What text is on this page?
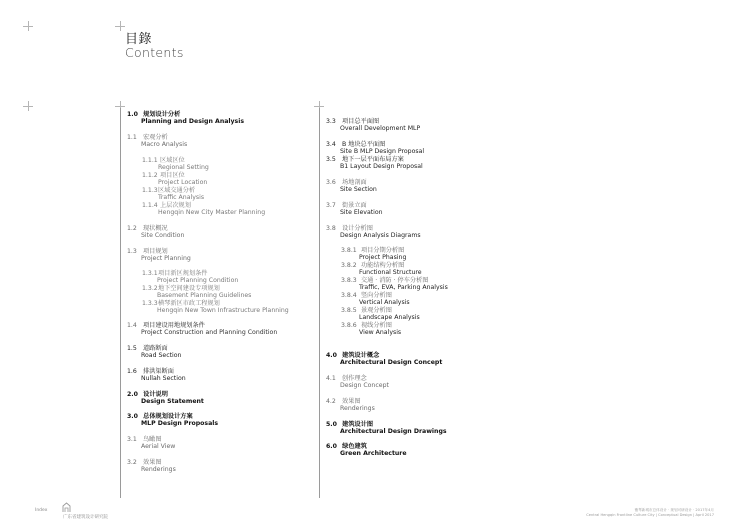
目錄
Contents
1.0 规划设计分析
Planning and Design Analysis
1.1 宏观分析
Macro Analysis
1.1.1 区域区位
Regional Setting
1.1.2 项目区位
Project Location
1.1.3 区域交通分析
Traffic Analysis
1.1.4 上层次规划
Hengqin New City Master Planning
1.2 现状概况
Site Condition
1.3 项目规划
Project Planning
1.3.1 项目新区规划条件
Project Planning Condition
1.3.2 地下空间建设专项规划
Basement Planning Guidelines
1.3.3 横琴新区市政工程规划
Hengqin New Town Infrastructure Planning
1.4 项目建设用地规划条件
Project Construction and Planning Condition
1.5 道路断面
Road Section
1.6 排洪渠断面
Nullah Section
2.0 设计说明
Design Statement
3.0 总体规划设计方案
MLP Design Proposals
3.1 鸟瞰图
Aerial View
3.2 效果图
Renderings
3.3 项目总平面图
Overall Development MLP
3.4 B 地块总平面图
Site B MLP Design Proposal
3.5 地下一层平面布局方案
B1 Layout Design Proposal
3.6 场地剖面
Site Section
3.7 街景立面
Site Elevation
3.8 设计分析图
Design Analysis Diagrams
3.8.1 项目分期分析图
Project Phasing
3.8.2 功能结构分析图
Functional Structure
3.8.3 交通 · 消防 · 停车分析图
Traffic, EVA, Parking Analysis
3.8.4 竖向分析图
Vertical Analysis
3.8.5 景观分析图
Landscape Analysis
3.8.6 视线分析图
View Analysis
4.0 建筑设计概念
Architectural Design Concept
4.1 创作理念
Design Concept
4.2 效果图
Renderings
5.0 建筑设计图
Architectural Design Drawings
6.0 绿色建筑
Green Architecture
Index
广东省建筑设计研究院
衡琴新城市总体设计 · 规划可研设计 · 2017年4月
Central Hengqin Frontline Culture City | Conceptual Design | April 2017
